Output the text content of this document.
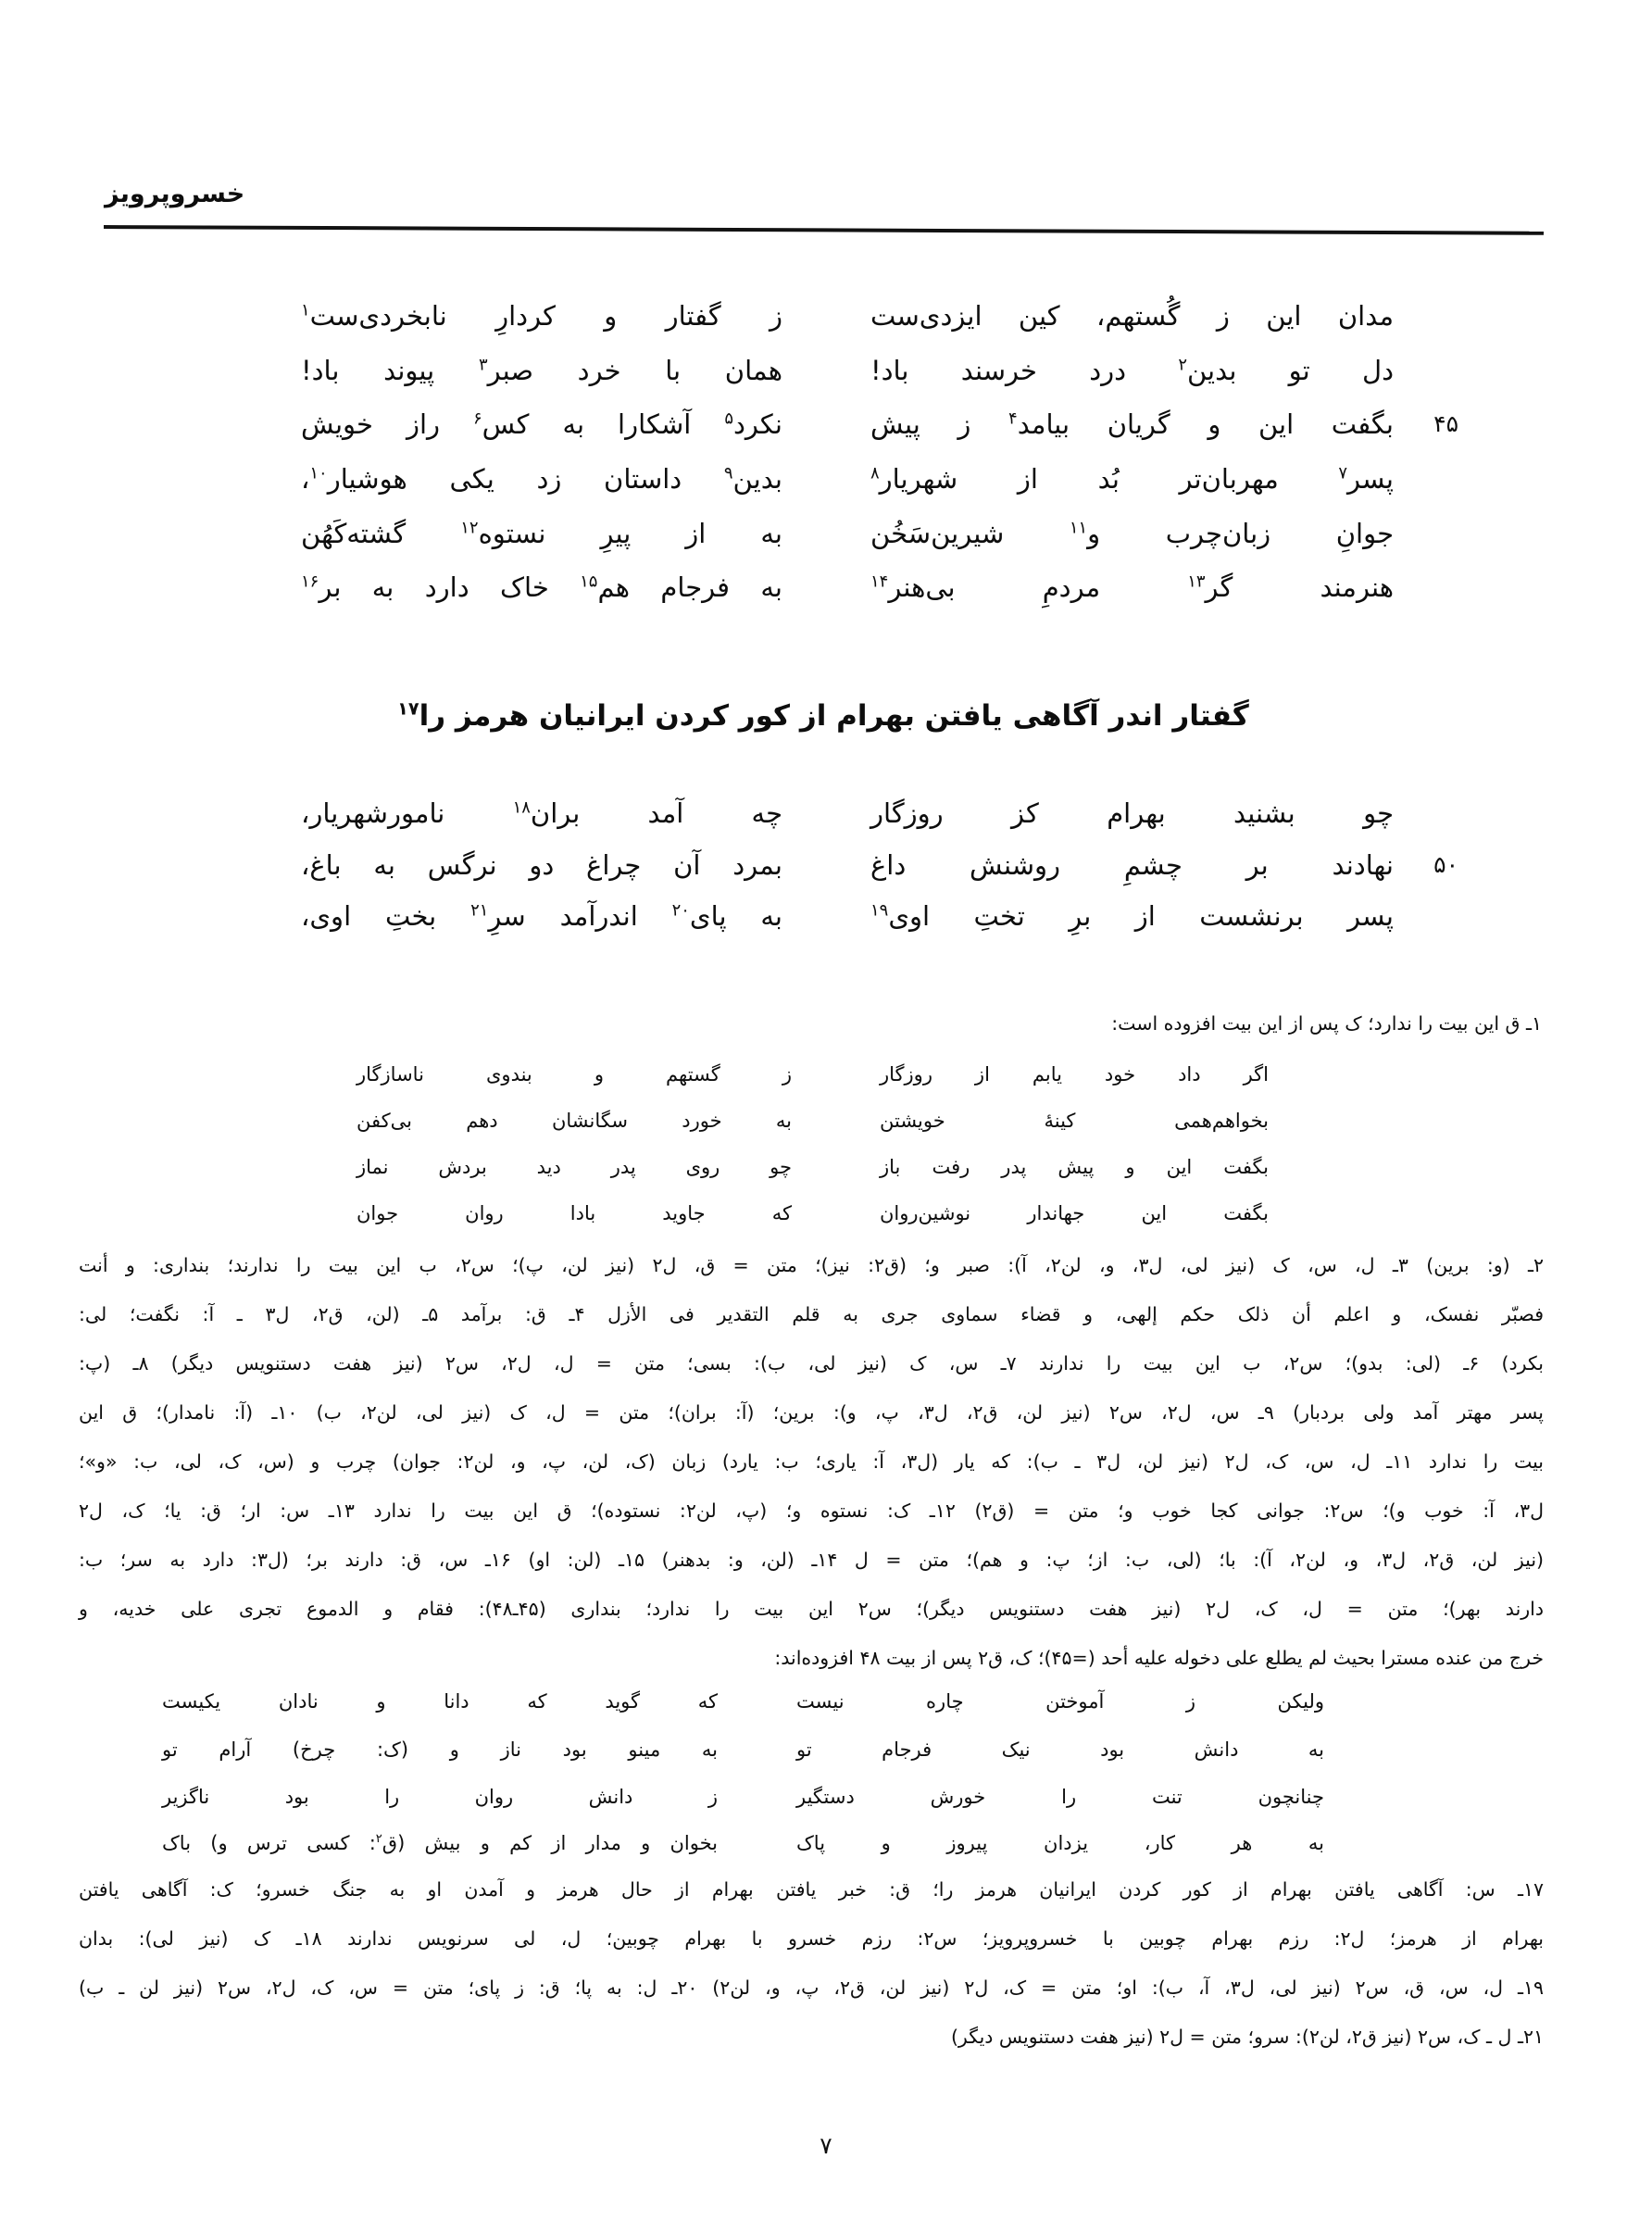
خسروپرویز
مدان این ز گُستهم، کین ایزدی‌ست
ز گفتار و کردارِ نابخردی‌ست$^۱$
دل تو بدین$^۲$ درد خرسند باد!
همان با خرد صبر$^۳$ پیوند باد!
۴۵
بگفت این و گریان بیامد$^۴$ ز پیش
نکرد$^۵$ آشکارا به کس$^۶$ راز خویش
پسر$^۷$ مهربان‌تر بُد از شهریار$^۸$
بدین$^۹$ داستان زد یکی هوشیار$^{۱۰}$،
جوانِ زبان‌چرب و$^{۱۱}$ شیرین‌سَخُن
به از پیرِ نستوه$^{۱۲}$ گشته‌کَهُن
هنرمند گر$^{۱۳}$ مردمِ بی‌هنر$^{۱۴}$
به فرجام هم$^{۱۵}$ خاک دارد به بر$^{۱۶}$
گفتار اندر آگاهی یافتن بهرام از کور کردن ایرانیان هرمز را$^{۱۷}$
چو بشنید بهرام کز روزگار
چه آمد بران$^{۱۸}$ نامورشهریار،
۵۰
نهادند بر چشمِ روشنش داغ
بمرد آن چراغ دو نرگس به باغ،
پسر برنشست از برِ تختِ اوی$^{۱۹}$
به پای$^{۲۰}$ اندرآمد سرِ$^{۲۱}$ بختِ اوی،
۱ـ ق این بیت را ندارد؛ ک پس از این بیت افزوده است:
اگر داد خود یابم از روزگار
ز گستهم و بندوی ناسازگار
بخواهم‌همی کینهٔ خویشتن
به خورد سگانشان دهم بی‌کفن
بگفت این و پیش پدر رفت باز
چو روی پدر دید بردش نماز
بگفت این جهاندار نوشین‌روان
که جاوید بادا روان جوان
۲ـ (و: برین) ۳ـ ل، س، ک (نیز لی، ل۳، و، لن۲، آ): صبر و؛ (ق۲: نیز)؛ متن = ق، ل۲ (نیز لن، پ)؛ س۲، ب این بیت را ندارند؛ بنداری: و أنت
فصبّر نفسک، و اعلم أن ذلک حکم إلهی، و قضاء سماوی جری به قلم التقدیر فی الأزل ۴ـ ق: برآمد ۵ـ (لن، ق۲، ل۳ ـ آ: نگفت؛ لی:
بکرد) ۶ـ (لی: بدو)؛ س۲، ب این بیت را ندارند ۷ـ س، ک (نیز لی، ب): بسی؛ متن = ل، ل۲، س۲ (نیز هفت دستنویس دیگر) ۸ـ (پ:
پسر مهتر آمد ولی بردبار) ۹ـ س، ل۲، س۲ (نیز لن، ق۲، ل۳، پ، و): برین؛ (آ: بران)؛ متن = ل، ک (نیز لی، لن۲، ب) ۱۰ـ (آ: نامدار)؛ ق این
بیت را ندارد ۱۱ـ ل، س، ک، ل۲ (نیز لن، ل۳ ـ ب): که یار (ل۳، آ: یاری؛ ب: یارد) زبان (ک، لن، پ، و، لن۲: جوان) چرب و (س، ک، لی، ب: «و»؛
ل۳، آ: خوب و)؛ س۲: جوانی کجا خوب و؛ متن = (ق۲) ۱۲ـ ک: نستوه و؛ (پ، لن۲: نستوده)؛ ق این بیت را ندارد ۱۳ـ س: ار؛ ق: یا؛ ک، ل۲
(نیز لن، ق۲، ل۳، و، لن۲، آ): با؛ (لی، ب: از؛ پ: و هم)؛ متن = ل ۱۴ـ (لن، و: بدهنر) ۱۵ـ (لن: او) ۱۶ـ س، ق: دارند بر؛ (ل۳: دارد به سر؛ ب:
دارند بهر)؛ متن = ل، ک، ل۲ (نیز هفت دستنویس دیگر)؛ س۲ این بیت را ندارد؛ بنداری (۴۵ـ۴۸): فقام و الدموع تجری علی خدیه، و
خرج من عنده مسترا بحیث لم یطلع علی دخوله علیه أحد (=۴۵)؛ ک، ق۲ پس از بیت ۴۸ افزوده‌اند:
ولیکن ز آموختن چاره نیست
که گوید که دانا و نادان یکیست
به دانش بود نیک فرجام تو
به مینو بود ناز و (ک: چرخ) آرام تو
چنانچون تنت را خورش دستگیر
ز دانش روان را بود ناگزیر
به هر کار، یزدان پیروز و پاک
بخوان و مدار از کم و بیش (ق$^۲$: کسی ترس و) باک
۱۷ـ س: آگاهی یافتن بهرام از کور کردن ایرانیان هرمز را؛ ق: خبر یافتن بهرام از حال هرمز و آمدن او به جنگ خسرو؛ ک: آگاهی یافتن
بهرام از هرمز؛ ل۲: رزم بهرام چوبین با خسروپرویز؛ س۲: رزم خسرو با بهرام چوبین؛ ل، لی سرنویس ندارند ۱۸ـ ک (نیز لی): بدان
۱۹ـ ل، س، ق، س۲ (نیز لی، ل۳، آ، ب): او؛ متن = ک، ل۲ (نیز لن، ق۲، پ، و، لن۲) ۲۰ـ ل: به پا؛ ق: ز پای؛ متن = س، ک، ل۲، س۲ (نیز لن ـ ب)
۲۱ـ ل ـ ک، س۲ (نیز ق۲، لن۲): سرو؛ متن = ل۲ (نیز هفت دستنویس دیگر)
۷
